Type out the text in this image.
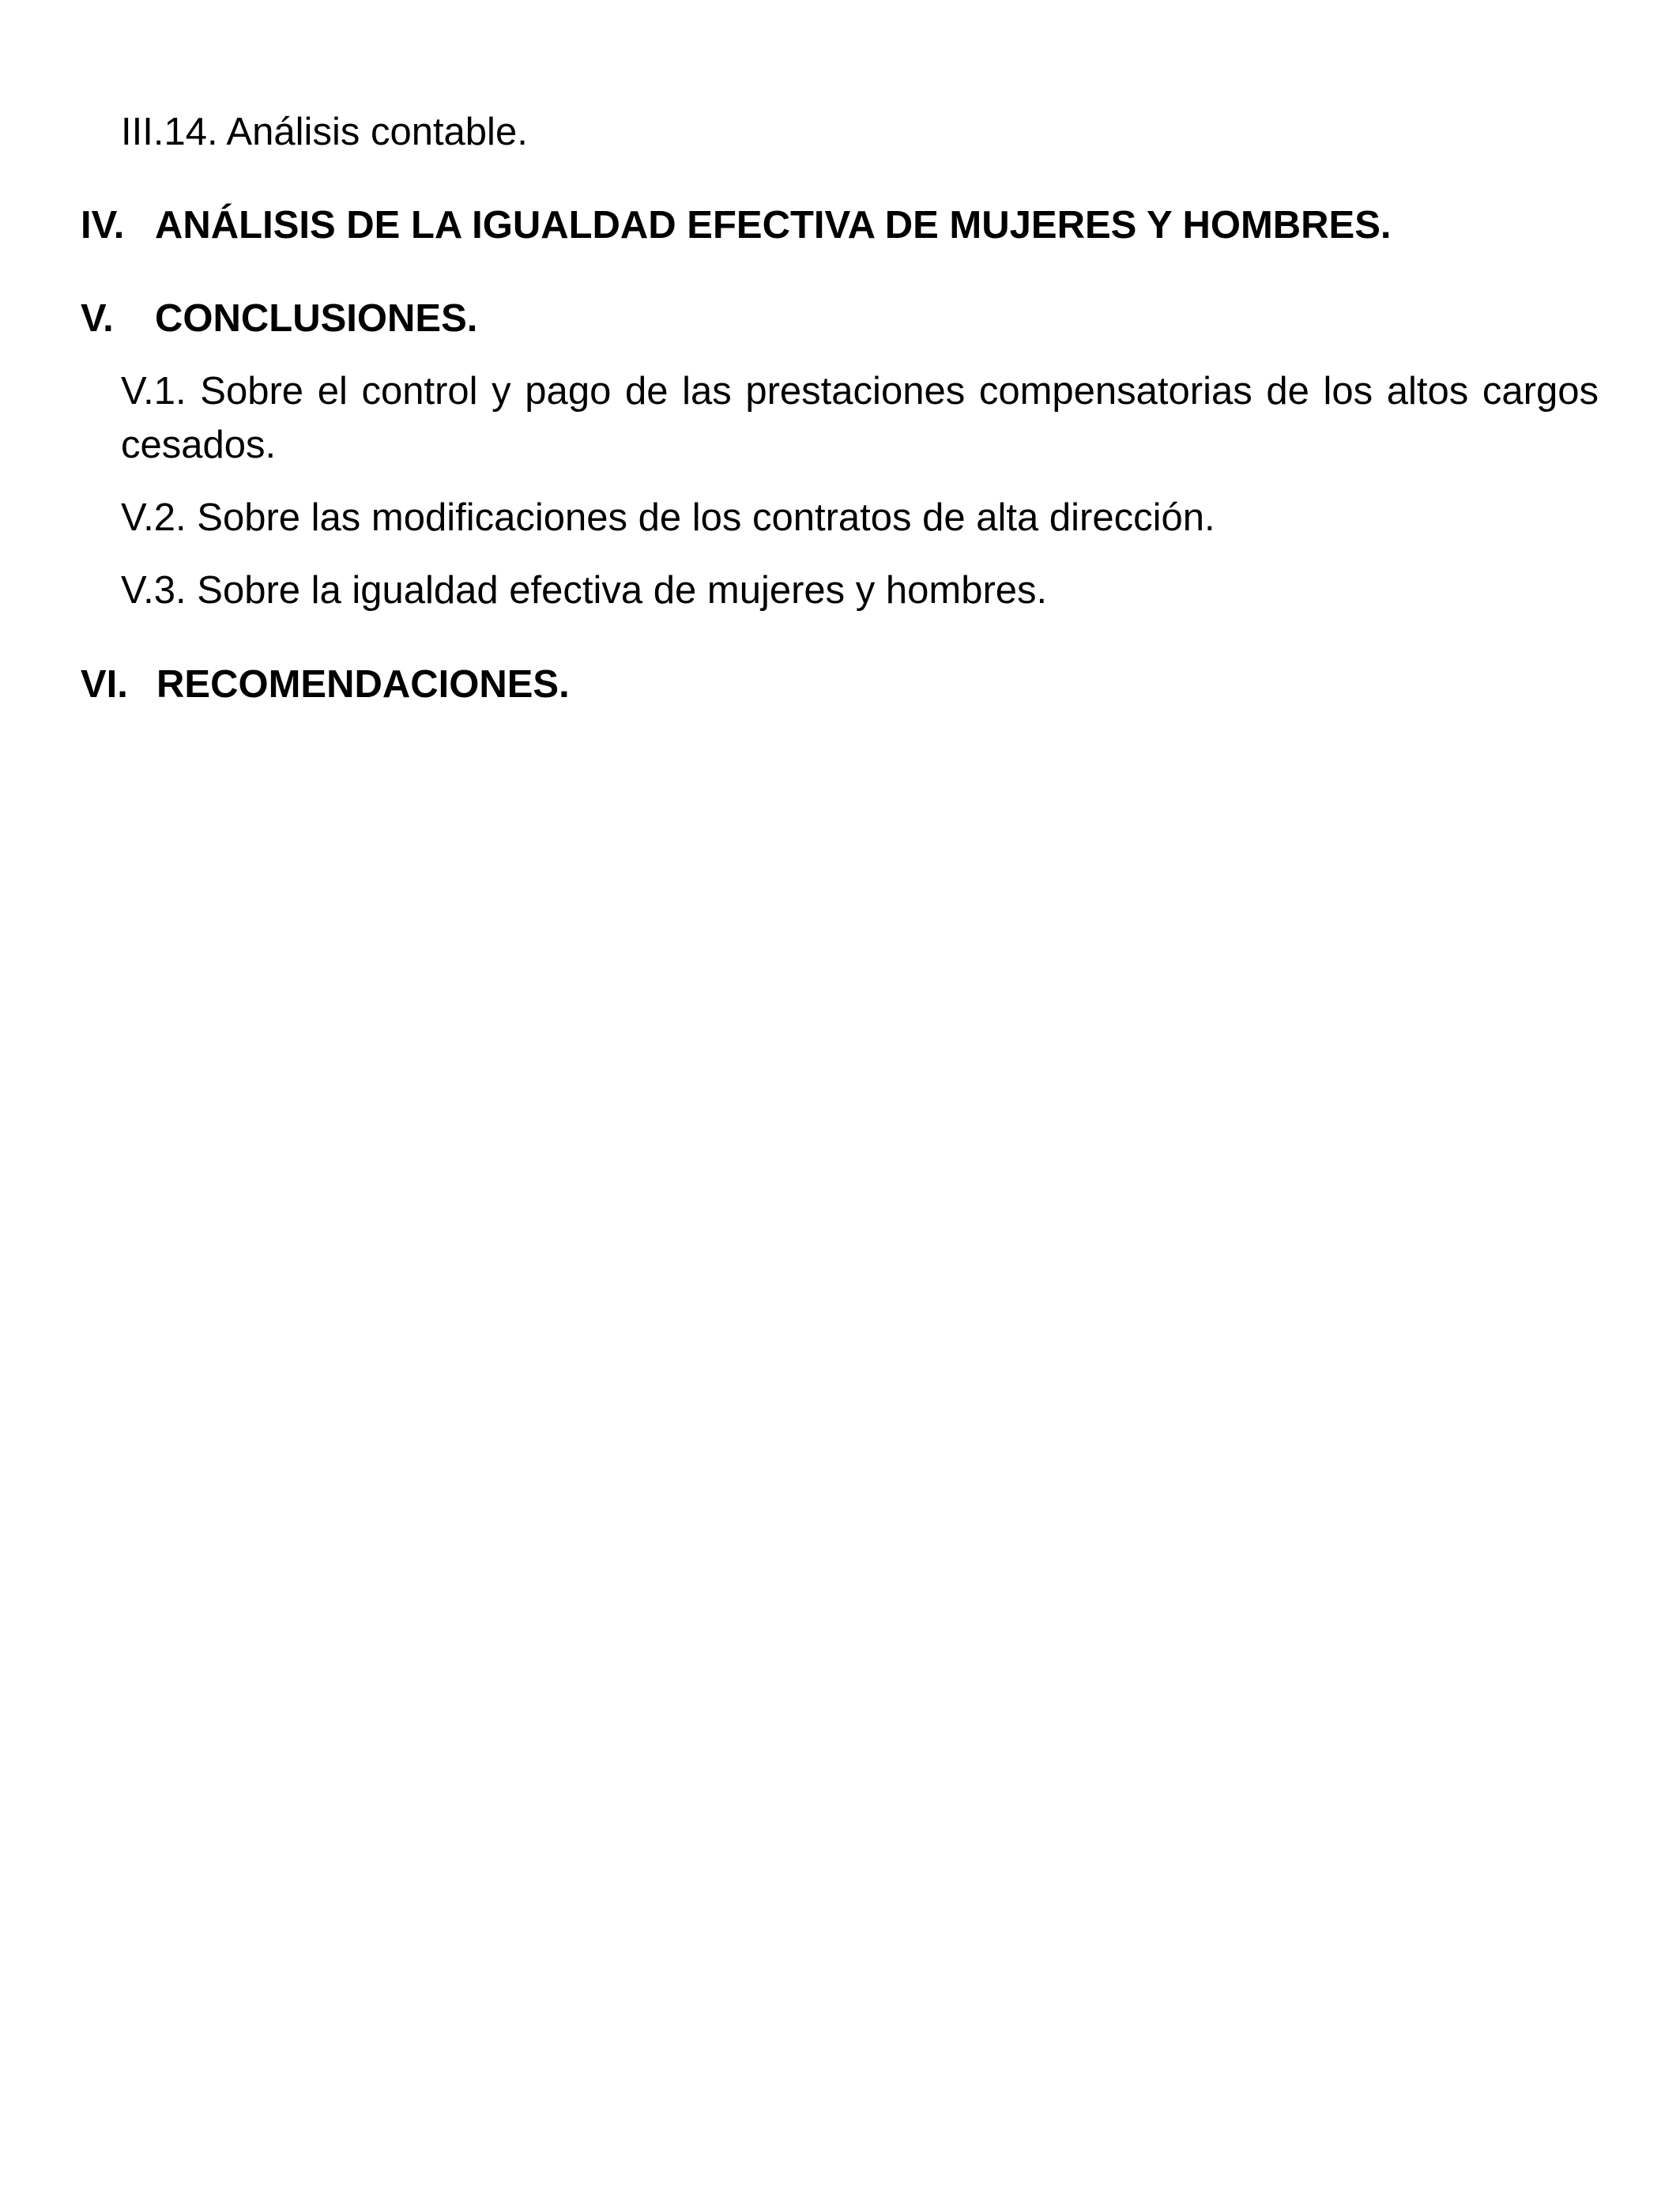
III.14. Análisis contable.
IV. ANÁLISIS DE LA IGUALDAD EFECTIVA DE MUJERES Y HOMBRES.
V. CONCLUSIONES.
V.1. Sobre el control y pago de las prestaciones compensatorias de los altos cargos cesados.
V.2. Sobre las modificaciones de los contratos de alta dirección.
V.3. Sobre la igualdad efectiva de mujeres y hombres.
VI. RECOMENDACIONES.
